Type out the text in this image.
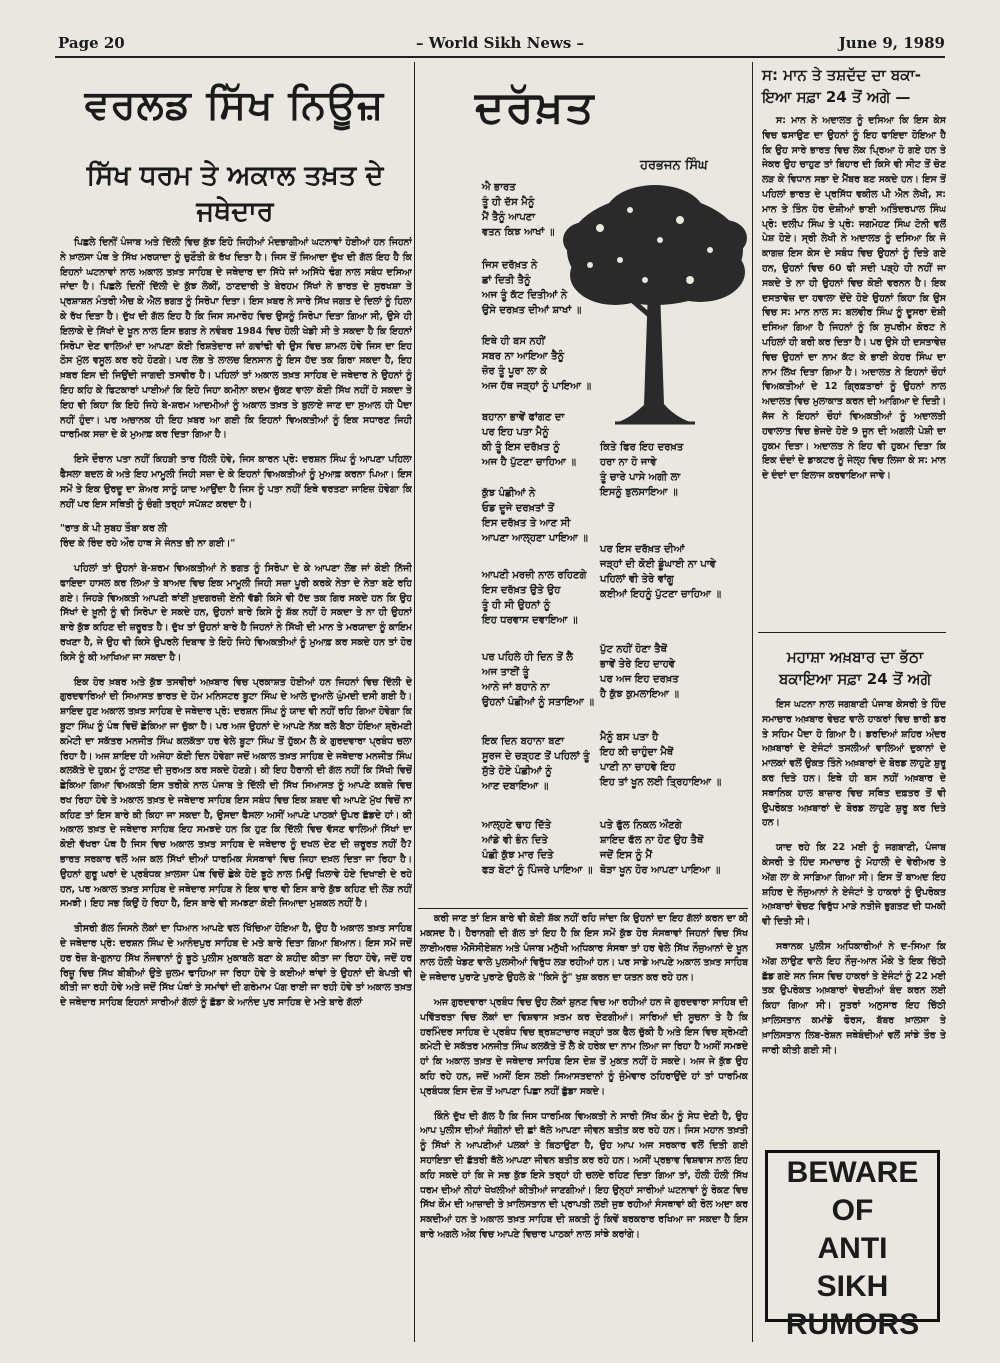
Page 20	– World Sikh News –	June 9, 1989
ਵਰਲਡ ਸਿੱਖ ਨਿਊਜ਼
ਸਿੱਖ ਧਰਮ ਤੇ ਅਕਾਲ ਤਖ਼ਤ ਦੇ
ਜਥੇਦਾਰ

ਪਿਛਲੇ ਦਿਨੀਂ ਪੰਜਾਬ ਅਤੇ ਦਿੱਲੀ ਵਿਚ ਕੁੱਝ ਇਹੋ ਜਿਹੀਆਂ ਮੰਦਭਾਗੀਆਂ ਘਟਨਾਵਾਂ ਹੋਈਆਂ ਹਨ ਜਿਹਨਾਂ ਨੇ ਖ਼ਾਲਸਾ ਪੰਥ ਤੇ ਸਿੱਖ ਮਰਯਾਦਾ ਨੂੰ ਚੁਣੌਤੀ ਕੇ ਰੱਖ ਦਿਤਾ ਹੈ। ਜਿਸ ਤੋਂ ਜਿਆਦਾ ਦੁੱਖ ਦੀ ਗੱਲ ਇਹ ਹੈ ਕਿ ਇਹਨਾਂ ਘਟਨਾਵਾਂ ਨਾਲ ਅਕਾਲ ਤਖ਼ਤ ਸਾਹਿਬ ਦੇ ਜਥੇਦਾਰ ਦਾ ਸਿੱਧੇ ਜਾਂ ਅਸਿੱਧੇ ਢੰਗ ਨਾਲ ਸਬੰਧ ਦਸਿਆ ਜਾਂਦਾ ਹੈ। ਪਿਛਲੇ ਦਿਨੀਂ ਦਿੱਲੀ ਦੇ ਕੁੱਝ ਲੋਕੀਂ, ਠਾਣਦਾਰੀ ਤੇ ਬੇਰਹਮ ਸਿੱਖਾਂ ਨੇ ਭਾਰਤ ਦੇ ਸੁਰਖਸ਼ਾ ਤੇ ਪ੍ਰਸ਼ਾਸ਼ਨ ਮੰਤਰੀ ਐਚ ਕੇ ਐਲ ਭਗਤ ਨੂੰ ਸਿਰੋਪਾ ਦਿਤਾ। ਇਸ ਖ਼ਬਰ ਨੇ ਸਾਰੇ ਸਿੱਖ ਜਗਤ ਦੇ ਦਿਲਾਂ ਨੂੰ ਹਿਲਾ ਕੇ ਰੱਖ ਦਿਤਾ ਹੈ। ਦੁੱਖ ਦੀ ਗੱਲ ਇਹ ਹੈ ਕਿ ਜਿਸ ਸਮਾਰੋਹ ਵਿਚ ਉਸਨੂੰ ਸਿਰੋਪਾ ਦਿਤਾ ਗਿਆ ਸੀ, ਉਸੇ ਹੀ ਇਲਾਕੇ ਦੇ ਸਿੱਖਾਂ ਦੇ ਖੂਨ ਨਾਲ ਇਸ ਭਗਤ ਨੇ ਨਵੰਬਰ 1984 ਵਿਚ ਹੋਲੀ ਖੇਡੀ ਸੀ ਤੇ ਸਕਦਾ ਹੈ ਕਿ ਇਹਨਾਂ ਸਿਰੋਪਾ ਦੇਣ ਵਾਲਿਆਂ ਦਾ ਆਪਣਾ ਕੋਈ ਰਿਸ਼ਤੇਦਾਰ ਜਾਂ ਗਵਾਂਢੀ ਵੀ ਉਸ ਵਿਚ ਸ਼ਾਮਲ ਹੋਵੇ ਜਿਸ ਦਾ ਇਹ ਠੋਸ ਮੁੱਲ ਵਸੂਲ ਕਰ ਰਹੇ ਹੋਣਗੇ। ਪਰ ਲੋਭ ਤੇ ਲਾਲਚ ਇਨਸਾਨ ਨੂੰ ਇਸ ਹੱਦ ਤਕ ਗਿਰਾ ਸਕਦਾ ਹੈ, ਇਹ ਖ਼ਬਰ ਇਸ ਦੀ ਜਿਉਂਦੀ ਜਾਗਦੀ ਤਸਵੀਰ ਹੈ। ਪਹਿਲਾਂ ਤਾਂ ਅਕਾਲ ਤਖ਼ਤ ਸਾਹਿਬ ਦੇ ਜਥੇਦਾਰ ਨੇ ਉਹਨਾਂ ਨੂੰ ਇਹ ਕਹਿ ਕੇ ਫਿਟਕਾਰਾਂ ਪਾਈਆਂ ਕਿ ਇਹੋ ਜਿਹਾ ਕਮੀਨਾ ਕਦਮ ਚੁੱਕਣ ਵਾਲਾ ਕੋਈ ਸਿੱਖ ਨਹੀਂ ਹੋ ਸਕਦਾ ਤੇ ਇਹ ਵੀ ਕਿਹਾ ਕਿ ਇਹੋ ਜਿਹੇ ਬੇ-ਸ਼ਰਮ ਆਦਮੀਆਂ ਨੂੰ ਅਕਾਲ ਤਖ਼ਤ ਤੇ ਬੁਲਾਏ ਜਾਣ ਦਾ ਸੁਆਲ ਹੀ ਪੈਦਾ ਨਹੀਂ ਹੁੰਦਾ। ਪਰ ਅਚਾਨਕ ਹੀ ਇਹ ਖ਼ਬਰ ਆ ਗਈ ਕਿ ਇਹਨਾਂ ਵਿਅਕਤੀਆਂ ਨੂੰ ਇਕ ਸਧਾਰਣ ਜਿਹੀ ਧਾਰਮਿਕ ਸਜ਼ਾ ਦੇ ਕੇ ਮੁਆਫ਼ ਕਰ ਦਿਤਾ ਗਿਆ ਹੈ।

ਇਸੇ ਦੌਰਾਨ ਪਤਾ ਨਹੀਂ ਕਿਹੜੀ ਤਾਰ ਹਿੱਲੀ ਹੋਵੇ, ਜਿਸ ਕਾਰਨ ਪ੍ਰੋ: ਦਰਸ਼ਨ ਸਿੰਘ ਨੂੰ ਆਪਣਾ ਪਹਿਲਾ ਫੈਸਲਾ ਬਦਲ ਕੇ ਅਤੇ ਇਹ ਮਾਮੂਲੀ ਜਿਹੀ ਸਜ਼ਾ ਦੇ ਕੇ ਇਹਨਾਂ ਵਿਅਕਤੀਆਂ ਨੂੰ ਮੁਆਫ਼ ਕਰਨਾ ਪਿਆ। ਇਸ ਸਮੇਂ ਤੇ ਇਕ ਉਰਦੂ ਦਾ ਸ਼ੇਅਰ ਸਾਨੂੰ ਯਾਦ ਆਉਂਦਾ ਹੈ ਜਿਸ ਨੂੰ ਪਤਾ ਨਹੀਂ ਇਥੇ ਵਰਤਣਾ ਜਾਇਜ਼ ਹੋਵੇਗਾ ਕਿ ਨਹੀਂ ਪਰ ਇਸ ਸਥਿਤੀ ਨੂੰ ਚੰਗੀ ਤਰ੍ਹਾਂ ਸਪੱਸ਼ਟ ਕਰਦਾ ਹੈ।

"ਰਾਤ ਕੋ ਪੀ ਸੁਬਹ ਤੌਬਾ ਕਰ ਲੀ

ਰਿੰਦ ਕੇ ਰਿੰਦ ਰਹੇ ਔਰ ਹਾਥ ਸੇ ਜੰਨਤ ਭੀ ਨਾ ਗਈ।"

ਪਹਿਲਾਂ ਤਾਂ ਉਹਨਾਂ ਬੇ-ਸ਼ਰਮ ਵਿਅਕਤੀਆਂ ਨੇ ਭਗਤ ਨੂੰ ਸਿਰੋਪਾ ਦੇ ਕੇ ਆਪਣਾ ਲੋਭ ਜਾਂ ਕੋਈ ਨਿੱਜੀ ਫਾਇਦਾ ਹਾਸਲ ਕਰ ਲਿਆ ਤੇ ਬਾਅਦ ਵਿਚ ਇਕ ਮਾਮੂਲੀ ਜਿਹੀ ਸਜ਼ਾ ਪੂਰੀ ਕਰਕੇ ਨੇਤਾ ਦੇ ਨੇਤਾ ਬਣੇ ਰਹਿ ਗਏ। ਜਿਹੜੇ ਵਿਅਕਤੀ ਆਪਣੀ ਥਾਂਈਂ ਖ਼ੁਦਗਰਜ਼ੀ ਏਨੀ ਵੱਡੀ ਕਿਸੇ ਵੀ ਹੱਦ ਤਕ ਗਿਰ ਸਕਦੇ ਹਨ ਕਿ ਉਹ ਸਿੱਖਾਂ ਦੇ ਖ਼ੂਨੀ ਨੂੰ ਵੀ ਸਿਰੋਪਾ ਦੇ ਸਕਦੇ ਹਨ, ਉਹਨਾਂ ਬਾਰੇ ਕਿਸੇ ਨੂੰ ਸ਼ੱਕ ਨਹੀਂ ਹੋ ਸਕਦਾ ਤੇ ਨਾ ਹੀ ਉਹਨਾਂ ਬਾਰੇ ਕੁੱਝ ਕਹਿਣ ਦੀ ਜ਼ਰੂਰਤ ਹੈ। ਦੁੱਖ ਤਾਂ ਉਹਨਾਂ ਬਾਰੇ ਹੈ ਜਿਹਨਾਂ ਨੇ ਸਿੱਖੀ ਦੀ ਮਾਨ ਤੇ ਮਰਯਾਦਾ ਨੂੰ ਕਾਇਮ ਰਖਣਾ ਹੈ, ਜੇ ਉਹ ਵੀ ਕਿਸੇ ਉਪਰਲੇ ਦਿਬਾਵ ਤੇ ਇਹੋ ਜਿਹੇ ਵਿਅਕਤੀਆਂ ਨੂੰ ਮੁਆਫ਼ ਕਰ ਸਕਦੇ ਹਨ ਤਾਂ ਹੋਰ ਕਿਸੇ ਨੂੰ ਕੀ ਆਖਿਆ ਜਾ ਸਕਦਾ ਹੈ।

ਇਕ ਹੋਰ ਖ਼ਬਰ ਅਤੇ ਕੁੱਝ ਤਸਵੀਰਾਂ ਅਖ਼ਬਾਰ ਵਿਚ ਪ੍ਰਕਾਸ਼ਤ ਹੋਈਆਂ ਹਨ ਜਿਹਨਾਂ ਵਿਚ ਦਿੱਲੀ ਦੇ ਗੁਰਦਵਾਰਿਆਂ ਦੀ ਸਿਆਸਤ ਭਾਰਤ ਦੇ ਹੋਮ ਮਨਿਸਟਰ ਬੂਟਾ ਸਿੰਘ ਦੇ ਆਲੇ ਦੁਆਲੇ ਘੁੰਮਦੀ ਦਸੀ ਗਈ ਹੈ। ਸ਼ਾਇਦ ਹੁਣ ਅਕਾਲ ਤਖ਼ਤ ਸਾਹਿਬ ਦੇ ਜਥੇਦਾਰ ਪ੍ਰੋ: ਦਰਸ਼ਨ ਸਿੰਘ ਨੂੰ ਯਾਦ ਵੀ ਨਹੀਂ ਰਹਿ ਗਿਆ ਹੋਵੇਗਾ ਕਿ ਬੂਟਾ ਸਿੰਘ ਨੂੰ ਪੰਥ ਵਿਚੋਂ ਛੇਕਿਆ ਜਾ ਚੁੱਕਾ ਹੈ। ਪਰ ਅਜ ਉਹਨਾਂ ਦੇ ਆਪਣੇ ਨੱਕ ਥਲੇ ਬੈਠਾ ਹੋਇਆ ਸ਼੍ਰੋਮਣੀ ਕਮੇਟੀ ਦਾ ਸਕੱਤਰ ਮਨਜੀਤ ਸਿੰਘ ਕਲਕੱਤਾ ਹਰ ਵੇਲੇ ਬੂਟਾ ਸਿੰਘ ਤੋਂ ਹੁੱਕਮ ਲੈ ਕੇ ਗੁਰਦਵਾਰਾ ਪ੍ਰਬੰਧ ਚਲਾ ਰਿਹਾ ਹੈ। ਅਜ ਸ਼ਾਇਦ ਹੀ ਅਜੇਹਾ ਕੋਈ ਦਿਨ ਹੋਵੇਗਾ ਜਦੋਂ ਅਕਾਲ ਤਖ਼ਤ ਸਾਹਿਬ ਦੇ ਜਥੇਦਾਰ ਮਨਜੀਤ ਸਿੰਘ ਕਲਕੱਤੇ ਦੇ ਹੁਕਮ ਨੂੰ ਟਾਲਣ ਦੀ ਜੁਰਅਤ ਕਰ ਸਕਦੇ ਹੋਣਗੇ। ਕੀ ਇਹ ਹੈਰਾਨੀ ਦੀ ਗੱਲ ਨਹੀਂ ਕਿ ਸਿੱਖੀ ਵਿਚੋਂ ਛੇਕਿਆ ਗਿਆ ਵਿਅਕਤੀ ਇਸ ਤਰੀਕੇ ਨਾਲ ਪੰਜਾਬ ਤੇ ਦਿੱਲੀ ਦੀ ਸਿੱਖ ਸਿਆਸਤ ਨੂੰ ਆਪਣੇ ਕਬਜ਼ੇ ਵਿਚ ਰਖ ਰਿਹਾ ਹੋਵੇ ਤੇ ਅਕਾਲ ਤਖ਼ਤ ਦੇ ਜਥੇਦਾਰ ਸਾਹਿਬ ਇਸ ਸਬੰਧ ਵਿਚ ਇਕ ਸ਼ਬਦ ਵੀ ਆਪਣੇ ਮੁੱਖ ਵਿਚੋਂ ਨਾ ਕਹਿਣ ਤਾਂ ਇਸ ਬਾਰੇ ਕੀ ਕਿਹਾ ਜਾ ਸਕਦਾ ਹੈ, ਉਸਦਾ ਫੈਸਲਾ ਅਸੀਂ ਆਪਣੇ ਪਾਠਕਾਂ ਉਪਰ ਛੱਡਦੇ ਹਾਂ। ਕੀ ਅਕਾਲ ਤਖ਼ਤ ਦੇ ਜਥੇਦਾਰ ਸਾਹਿਬ ਇਹ ਸਮਝਦੇ ਹਨ ਕਿ ਹੁਣ ਕਿ ਦਿੱਲੀ ਵਿਚ ਵੱਸਣ ਵਾਲਿਆਂ ਸਿੱਖਾਂ ਦਾ ਕੋਈ ਵੱਖਰਾ ਪੰਥ ਹੈ ਜਿਸ ਵਿਚ ਅਕਾਲ ਤਖ਼ਤ ਸਾਹਿਬ ਦੇ ਜਥੇਦਾਰ ਨੂੰ ਦਖਲ ਦੇਣ ਦੀ ਜ਼ਰੂਰਤ ਨਹੀਂ ਹੈ? ਭਾਰਤ ਸਰਕਾਰ ਵਲੋਂ ਅਜ ਕਲ ਸਿੱਖਾਂ ਦੀਆਂ ਧਾਰਮਿਕ ਸੰਸਥਾਵਾਂ ਵਿਚ ਜਿਹਾ ਦਖ਼ਲ ਦਿਤਾ ਜਾ ਰਿਹਾ ਹੈ। ਉਹਨਾਂ ਗੁਰੂ ਘਰਾਂ ਦੇ ਪ੍ਰਬੰਧਕ ਖ਼ਾਲਸਾ ਪੰਥ ਵਿਚੋਂ ਛੇਕੇ ਹੋਏ ਝੂਠੇ ਨਾਲ ਮਿਉਂ ਖਿਲਾਵੇ ਹੋਏ ਦਿਖਾਈ ਦੇ ਰਹੇ ਹਨ, ਪਰ ਅਕਾਲ ਤਖ਼ਤ ਸਾਹਿਬ ਦੇ ਜਥੇਦਾਰ ਸਾਹਿਬ ਨੇ ਇਕ ਵਾਰ ਵੀ ਇਸ ਬਾਰੇ ਕੁੱਝ ਕਹਿਣ ਦੀ ਲੋੜ ਨਹੀਂ ਸਮਝੀ। ਇਹ ਸਭ ਕਿਉਂ ਹੋ ਰਿਹਾ ਹੈ, ਇਸ ਬਾਰੇ ਵੀ ਸਮਝਣਾ ਕੋਈ ਜਿਆਦਾ ਮੁਸ਼ਕਲ ਨਹੀਂ ਹੈ।

ਤੀਸਰੀ ਗੱਲ ਜਿਸਨੇ ਲੋਕਾਂ ਦਾ ਧਿਆਨ ਆਪਣੇ ਵਲ ਖਿੱਚਿਆ ਹੋਇਆ ਹੈ, ਉਹ ਹੈ ਅਕਾਲ ਤਖ਼ਤ ਸਾਹਿਬ ਦੇ ਜਥੇਦਾਰ ਪ੍ਰੋ: ਦਰਸ਼ਨ ਸਿੰਘ ਦੇ ਆਨੰਦਪੁਰ ਸਾਹਿਬ ਦੇ ਮਤੇ ਬਾਰੇ ਦਿਤਾ ਗਿਆ ਬਿਆਨ। ਇਸ ਸਮੇਂ ਜਦੋਂ ਹਰ ਰੋਜ਼ ਬੇ-ਗੁਨਾਹ ਸਿੱਖ ਨੌਜਵਾਨਾਂ ਨੂੰ ਝੂਠੇ ਪੁਲੀਸ ਮੁਕਾਬਲੇ ਬਣਾ ਕੇ ਸ਼ਹੀਦ ਕੀਤਾ ਜਾ ਰਿਹਾ ਹੋਵੇ, ਜਦੋਂ ਹਰ ਰਿਜ਼ੂ ਵਿਚ ਸਿੱਖ ਬੀਬੀਆਂ ਉਤੇ ਜ਼ੁਲਮ ਢਾਹਿਆ ਜਾ ਰਿਹਾ ਹੋਵੇ ਤੇ ਕਈਆਂ ਥਾਂਵਾਂ ਤੇ ਉਹਨਾਂ ਦੀ ਬੇਪਤੀ ਵੀ ਕੀਤੀ ਜਾ ਰਹੀ ਹੋਵੇ ਅਤੇ ਜਦੋਂ ਸਿੱਖ ਪੰਥਾਂ ਤੇ ਸਮਾਂਵਾਂ ਦੀ ਗਰੇਮਾਮ ਪੱਗ ਰਾਈ ਜਾ ਰਹੀ ਹੋਵੇ ਤਾਂ ਅਕਾਲ ਤਖ਼ਤ ਦੇ ਜਥੇਦਾਰ ਸਾਹਿਬ ਇਹਨਾਂ ਸਾਰੀਆਂ ਗੱਲਾਂ ਨੂੰ ਛੱਡਾ ਕੇ ਆਨੰਦ ਪੁਰ ਸਾਹਿਬ ਦੇ ਮਤੇ ਬਾਰੇ ਗੱਲਾਂ

ਦਰੱਖ਼ਤ
ਹਰਭਜਨ ਸਿੰਘ
ਐ ਭਾਰਤ
ਤੂੰ ਹੀ ਦੱਸ ਮੈਨੂੰ
ਮੈਂ ਤੈਨੂੰ ਆਪਣਾ
ਵਤਨ ਕਿਝ ਆਖਾਂ ॥
ਜਿਸ ਦਰੱਖ਼ਤ ਨੇ
ਛਾਂ ਦਿਤੀ ਤੈਨੂੰ
ਅਜ ਤੂੰ ਕੱਟ ਦਿਤੀਆਂ ਨੇ
ਉਸੇ ਦਰਖ਼ਤ ਦੀਆਂ ਸ਼ਾਖਾਂ ॥
ਇਥੇ ਹੀ ਬਸ ਨਹੀਂ
ਸਬਰ ਨਾ ਆਇਆ ਤੈਨੂੰ
ਜ਼ੋਰ ਤੂੰ ਪੂਰਾ ਲਾ ਕੇ
ਅਜ ਹੱਥ ਜੜ੍ਹਾਂ ਨੂੰ ਪਾਇਆ ॥
ਬਹਾਨਾ ਭਾਵੇਂ ਫਾਂਗਣ ਦਾ
ਪਰ ਇਹ ਪਤਾ ਮੈਨੂੰ
ਕੀ ਤੂੰ ਇਸ ਦਰੱਖ਼ਤ ਨੂੰ
ਅਜ ਹੈ ਪੁੱਟਣਾ ਚਾਹਿਆ ॥
ਕੁੱਝ ਪੰਛੀਆਂ ਨੇ
ਓਡ ਦੂਜੇ ਦਰਖ਼ਤਾਂ ਤੋਂ
ਇਸ ਦਰੱਖ਼ਤ ਤੇ ਆਣ ਸੀ
ਆਪਣਾ ਆਲ੍ਹਣਾ ਪਾਇਆ ॥
ਆਪਣੀ ਮਰਜ਼ੀ ਨਾਲ ਰਹਿਣਗੇ
ਇਸ ਦਰੱਖ਼ਤ ਉਤੇ ਉਹ
ਤੂੰ ਹੀ ਸੀ ਉਹਨਾਂ ਨੂੰ
ਇਹ ਧਰਵਾਸ ਦਵਾਇਆ ॥
ਪਰ ਪਹਿਲੇ ਹੀ ਦਿਨ ਤੋਂ ਲੈ
ਅਜ ਤਾਈਂ ਤੂੰ
ਆਨੇ ਜਾਂ ਬਹਾਨੇ ਨਾ
ਉਹਨਾਂ ਪੰਛੀਆਂ ਨੂੰ ਸਤਾਇਆ ॥
ਇਕ ਦਿਨ ਬਹਾਨਾ ਬਣਾ
ਸੂਰਜ ਦੇ ਚੜ੍ਹਣ ਤੋਂ ਪਹਿਲਾਂ ਤੂੰ
ਸੁੱਤੇ ਹੋਏ ਪੰਛੀਆਂ ਨੂੰ
ਆਣ ਦਬਾਇਆ ॥
ਆਲ੍ਹਣੇ ਢਾਹ ਦਿੱਤੇ
ਆਂਡੇ ਵੀ ਭੰਨ ਦਿਤੇ
ਪੰਛੀ ਕੁੱਝ ਮਾਰ ਦਿਤੇ
ਫੜ ਬੋਟਾਂ ਨੂੰ ਪਿੰਜਰੇ ਪਾਇਆ ॥
ਕਿਤੇ ਫਿਰ ਇਹ ਦਰਖ਼ਤ
ਹਰਾ ਨਾ ਹੋ ਜਾਵੇ
ਤੂੰ ਚਾਰੇ ਪਾਸੇ ਅਗੀ ਲਾ
ਇਸਨੂੰ ਝੁਲਸਾਇਆ ॥
ਪਰ ਇਸ ਦਰੱਖ਼ਤ ਦੀਆਂ
ਜੜ੍ਹਾਂ ਦੀ ਕੋਈ ਡੂੰਘਾਈ ਨਾ ਪਾਵੇ
ਪਹਿਲਾਂ ਵੀ ਤੇਰੇ ਵਾਂਗੂ
ਕਈਆਂ ਇਹਨੂੰ ਪੁੱਟਣਾ ਚਾਹਿਆ ॥
ਪੁੱਟ ਨਹੀਂ ਹੋਣਾ ਤੈਥੋਂ
ਭਾਵੇਂ ਤੇਰੇ ਇਹ ਦਾਹਵੇ
ਪਰ ਅਜ ਇਹ ਦਰਖ਼ਤ
ਹੈ ਕੁੱਝ ਕੁਮਲਾਇਆ ॥
ਮੈਨੂੰ ਬਸ ਪਤਾ ਹੈ
ਇਹ ਕੀ ਚਾਹੁੰਦਾ ਮੈਥੋਂ
ਪਾਣੀ ਨਾ ਚਾਹਵੇ ਇਹ
ਇਹ ਤਾਂ ਖੂਨ ਲਈ ਤ੍ਰਿਹਾਇਆ ॥
ਪਤੇ ਫੁੱਲ ਨਿਕਲ ਔਣਗੇ
ਸ਼ਾਇਦ ਫੱਲ ਨਾ ਹੋਣ ਉਹ ਤੈਥੋਂ
ਜਦੋਂ ਇਸ ਨੂੰ ਮੈਂ
ਥੋੜਾ ਖੂਨ ਹੋਰ ਆਪਣਾ ਪਾਇਆ ॥

ਕਰੀ ਜਾਣ ਤਾਂ ਇਸ ਬਾਰੇ ਵੀ ਕੋਈ ਸ਼ੱਕ ਨਹੀਂ ਰਹਿ ਜਾਂਦਾ ਕਿ ਉਹਨਾਂ ਦਾ ਇਹ ਗੱਲਾਂ ਕਰਨ ਦਾ ਕੀ ਮਕਸਦ ਹੈ। ਹੈਰਾਨਗੀ ਦੀ ਗੱਲ ਤਾਂ ਇਹ ਹੈ ਕਿ ਇਸ ਸਮੇਂ ਕੁੱਝ ਹੋਰ ਸੰਸਥਾਵਾਂ ਜਿਹਨਾਂ ਵਿਚ ਸਿੱਖ ਲਾਈਅਰਜ਼ ਐਸੋਸੀਏਸ਼ਨ ਅਤੇ ਪੰਜਾਬ ਮਨੁੱਖੀ ਅਧਿਕਾਰ ਸੰਸਥਾ ਤਾਂ ਹਰ ਵੇਲੇ ਸਿੱਖ ਨੌਜੁਆਨਾਂ ਦੇ ਖੂਨ ਨਾਲ ਹੋਲੀ ਖੇਡਣ ਵਾਲੇ ਪੁਲਸੀਆਂ ਵਿਰੁੱਧ ਲੜ ਰਹੀਆਂ ਹਨ। ਪਰ ਸਾਡੇ ਆਪਣੇ ਅਕਾਲ ਤਖ਼ਤ ਸਾਹਿਬ ਦੇ ਜਥੇਦਾਰ ਪੁਰਾਣੇ ਪੁਰਾਣੇ ਉਹਲੇ ਕੇ "ਕਿਸੇ ਨੂੰ" ਖੁਸ਼ ਕਰਨ ਦਾ ਯਤਨ ਕਰ ਰਹੇ ਹਨ।

ਅਜ ਗੁਰਦਵਾਰਾ ਪ੍ਰਬੰਧ ਵਿਚ ਉਹ ਲੋਕਾਂ ਸ਼ੁਨਣ ਵਿਚ ਆ ਰਹੀਆਂ ਹਨ ਜੋ ਗੁਰਦਵਾਰਾ ਸਾਹਿਬ ਦੀ ਪਵਿੱਤਰਤਾ ਵਿਚ ਲੋਕਾਂ ਦਾ ਵਿਸ਼ਵਾਸ ਖ਼ਤਮ ਕਰ ਦੇਣਗੀਆਂ। ਸਾਰਿਆਂ ਦੀ ਸੂਚਨਾ ਤੇ ਹੈ ਕਿ ਹਰਮਿੰਦਰ ਸਾਹਿਬ ਦੇ ਪ੍ਰਬੰਧ ਵਿਚ ਭ੍ਰਸ਼ਟਾਚਾਰ ਜੜ੍ਹਾਂ ਤਕ ਫੈਲ ਚੁੱਕੀ ਹੈ ਅਤੇ ਇਸ ਵਿਚ ਸ਼੍ਰੋਮਣੀ ਕਮੇਟੀ ਦੇ ਸਕੱਤਰ ਮਨਜੀਤ ਸਿੰਘ ਕਲਕੱਤੇ ਤੋਂ ਲੈ ਕੇ ਹਰੇਕ ਦਾ ਨਾਮ ਲਿਆ ਜਾ ਰਿਹਾ ਹੈ ਅਸੀਂ ਸਮਝਦੇ ਹਾਂ ਕਿ ਅਕਾਲ ਤਖ਼ਤ ਦੇ ਜਥੇਦਾਰ ਸਾਹਿਬ ਇਸ ਦੋਸ਼ ਤੋਂ ਮੁਕਤ ਨਹੀਂ ਹੋ ਸਕਦੇ। ਅਜ ਜੇ ਕੁੱਝ ਉਹ ਕਹਿ ਰਹੇ ਹਨ, ਜਦੋਂ ਅਸੀਂ ਇਸ ਲਈ ਸਿਆਸਤਦਾਨਾਂ ਨੂੰ ਜੁੰਮੇਵਾਰ ਠਹਿਰਾਉਂਦੇ ਹਾਂ ਤਾਂ ਧਾਰਮਿਕ ਪ੍ਰਬੰਧਕ ਇਸ ਦੋਸ਼ ਤੋਂ ਆਪਣਾ ਪਿਛਾ ਨਹੀਂ ਛੁੱਡਾ ਸਕਦੇ।

ਕਿੰਨੇ ਦੁੱਖ ਦੀ ਗੱਲ ਹੈ ਕਿ ਜਿਸ ਧਾਰਮਿਕ ਵਿਅਕਤੀ ਨੇ ਸਾਰੀ ਸਿੱਖ ਕੌਮ ਨੂੰ ਸੇਧ ਦੇਣੀ ਹੈ, ਉਹ ਆਪ ਪੁਲੀਸ ਦੀਆਂ ਸੰਗੀਨਾਂ ਦੀ ਛਾਂ ਥੱਲੇ ਆਪਣਾ ਜੀਵਨ ਬਤੀਤ ਕਰ ਰਹੇ ਹਨ। ਜਿਸ ਮਹਾਨ ਤਖ਼ਤੀ ਨੂੰ ਸਿੱਖਾਂ ਨੇ ਆਪਣੀਆਂ ਪਲਕਾਂ ਤੇ ਬਿਠਾਉਣਾ ਹੈ, ਉਹ ਆਪ ਅਜ ਸਰਕਾਰ ਵਲੋਂ ਦਿਤੀ ਗਈ ਸਹਾਇਤਾ ਦੀ ਛੱਤਰੀ ਥੱਲੇ ਆਪਣਾ ਜੀਵਨ ਬਤੀਤ ਕਰ ਰਹੇ ਹਨ। ਅਸੀਂ ਪ੍ਰਭਾਵ ਵਿਸ਼ਵਾਸ ਨਾਲ ਇਹ ਕਹਿ ਸਕਦੇ ਹਾਂ ਕਿ ਜੇ ਸਭ ਕੁੱਝ ਇਸੇ ਤਰ੍ਹਾਂ ਹੀ ਚਲਦੇ ਰਹਿਣ ਦਿਤਾ ਗਿਆ ਤਾਂ, ਹੌਲੀ ਹੌਲੀ ਸਿੱਖ ਧਰਮ ਦੀਆਂ ਨੀਹਾਂ ਖੋਖਲੀਆਂ ਕੀਤੀਆਂ ਜਾਣਗੀਆਂ। ਇਹ ਉਨ੍ਹਾਂ ਸਾਰੀਆਂ ਘਟਨਾਵਾਂ ਨੂੰ ਰੋਕਣ ਵਿਚ ਸਿੱਖ ਕੌਮ ਦੀ ਆਜ਼ਾਦੀ ਤੇ ਖ਼ਾਲਿਸਤਾਨ ਦੀ ਪ੍ਰਾਪਤੀ ਲਈ ਜੁਝ ਰਹੀਆਂ ਸੰਸਥਾਵਾਂ ਕੀ ਰੋਲ ਅਦਾ ਕਰ ਸਕਦੀਆਂ ਹਨ ਤੇ ਅਕਾਲ ਤਖ਼ਤ ਸਾਹਿਬ ਦੀ ਸ਼ਕਤੀ ਨੂੰ ਕਿਵੇਂ ਬਰਕਰਾਰ ਰਖਿਆ ਜਾ ਸਕਦਾ ਹੈ ਇਸ ਬਾਰੇ ਅਗਲੇ ਅੰਕ ਵਿਚ ਆਪਣੇ ਵਿਚਾਰ ਪਾਠਕਾਂ ਨਾਲ ਸਾਂਝੇ ਕਰਾਂਗੇ।

ਸ: ਮਾਨ ਤੇ ਤਸ਼ਦੱਦ ਦਾ ਬਕਾ-
ਇਆ ਸਫ਼ਾ 24 ਤੋਂ ਅਗੇ —

ਸ: ਮਾਨ ਨੇ ਅਦਾਲਤ ਨੂੰ ਦਸਿਆ ਕਿ ਇਸ ਕੇਸ ਵਿਚ ਫਸਾਉਣ ਦਾ ਉਹਨਾਂ ਨੂੰ ਇਹ ਫਾਇਦਾ ਹੋਇਆ ਹੈ ਕਿ ਉਹ ਸਾਰੇ ਭਾਰਤ ਵਿਚ ਲੋਕ ਪ੍ਰਿਆ ਹੋ ਗਏ ਹਨ ਤੇ ਜੇਕਰ ਉਹ ਚਾਹੁਣ ਤਾਂ ਬਿਹਾਰ ਦੀ ਕਿਸੇ ਵੀ ਸੀਟ ਤੋਂ ਚੋਣ ਲੜ ਕੇ ਵਿਧਾਨ ਸਭਾ ਦੇ ਮੈਂਬਰ ਬਣ ਸਕਦੇ ਹਨ। ਇਸ ਤੋਂ ਪਹਿਲਾਂ ਭਾਰਤ ਦੇ ਪ੍ਰਸਿੱਧ ਵਕੀਲ ਪੀ ਐਨ ਲੇਖੀ, ਸ: ਮਾਨ ਤੇ ਤਿੰਨ ਹੋਰ ਦੋਸ਼ੀਆਂ ਭਾਈ ਅਤਿੰਦਰਪਾਲ ਸਿੰਘ ਪ੍ਰੋ: ਦਲੀਪ ਸਿੰਘ ਤੇ ਪ੍ਰੋ: ਜਗਮੋਹਣ ਸਿੰਘ ਟੋਨੀ ਵਲੋਂ ਪੇਸ਼ ਹੋਏ। ਸ੍ਰੀ ਲੇਖੀ ਨੇ ਅਦਾਲਤ ਨੂੰ ਦਸਿਆ ਕਿ ਜੋ ਕਾਗਜ਼ ਇਸ ਕੇਸ ਦੇ ਸਬੰਧ ਵਿਚ ਉਹਨਾਂ ਨੂੰ ਦਿਤੇ ਗਏ ਹਨ, ਉਹਨਾਂ ਵਿਚ 60 ਫੀ ਸਦੀ ਪੜ੍ਹੇ ਹੀ ਨਹੀਂ ਜਾ ਸਕਦੇ ਤੇ ਨਾ ਹੀ ਉਹਨਾਂ ਵਿਚ ਕੋਈ ਵਰਨਨ ਹੈ। ਇਕ ਦਸਤਾਵੇਜ਼ ਦਾ ਹਵਾਲਾ ਦੇਂਦੇ ਹੋਏ ਉਹਨਾਂ ਕਿਹਾ ਕਿ ਉਸ ਵਿਚ ਸ: ਮਾਨ ਨਾਲ ਸ: ਬਲਵੀਰ ਸਿੰਘ ਨੂੰ ਦੂਸਰਾ ਦੋਸ਼ੀ ਦਸਿਆ ਗਿਆ ਹੈ ਜਿਹਨਾਂ ਨੂੰ ਕਿ ਸੁਪਰੀਮ ਕੋਰਟ ਨੇ ਪਹਿਲਾਂ ਹੀ ਬਰੀ ਕਰ ਦਿਤਾ ਹੈ। ਪਰ ਉਸੇ ਹੀ ਦਸਤਾਵੇਜ਼ ਵਿਚ ਉਹਨਾਂ ਦਾ ਨਾਮ ਕੱਟ ਕੇ ਭਾਈ ਕੇਹਰ ਸਿੰਘ ਦਾ ਨਾਮ ਲਿੱਖ ਦਿਤਾ ਗਿਆ ਹੈ। ਅਦਾਲਤ ਨੇ ਇਹਨਾਂ ਚੌਹਾਂ ਵਿਅਕਤੀਆਂ ਦੇ 12 ਗ੍ਰਿਫ਼ਤਾਰਾਂ ਨੂੰ ਉਹਨਾਂ ਨਾਲ ਅਦਾਲਤ ਵਿਚ ਮੁਲਾਕਾਤ ਕਰਨ ਦੀ ਆਗਿਆ ਦੇ ਦਿਤੀ। ਜੱਜ ਨੇ ਇਹਨਾਂ ਚੌਹਾਂ ਵਿਅਕਤੀਆਂ ਨੂੰ ਅਦਾਲਤੀ ਹਵਾਲਾਤ ਵਿਚ ਭੇਜਦੇ ਹੋਏ 9 ਜੂਨ ਦੀ ਅਗਲੀ ਪੇਸ਼ੀ ਦਾ ਹੁਕਮ ਦਿਤਾ। ਅਦਾਲਤ ਨੇ ਇਹ ਵੀ ਹੁਕਮ ਦਿਤਾ ਕਿ ਇਕ ਦੰਦਾਂ ਦੇ ਡਾਕਟਰ ਨੂੰ ਜੇਲ੍ਹ ਵਿਚ ਲਿਜਾ ਕੇ ਸ: ਮਾਨ ਦੇ ਦੰਦਾਂ ਦਾ ਇਲਾਜ ਕਰਵਾਇਆ ਜਾਵੇ।

ਮਹਾਸ਼ਾ ਅਖ਼ਬਾਰ ਦਾ ਭੱਠਾ
ਬਕਾਇਆ ਸਫ਼ਾ 24 ਤੋਂ ਅਗੇ

ਇਸ ਘਟਨਾ ਨਾਲ ਜਗਬਾਣੀ ਪੰਜਾਬ ਕੇਸਰੀ ਤੇ ਹਿੰਦ ਸਮਾਚਾਰ ਅਖ਼ਬਾਰ ਵੇਚਣ ਵਾਲੇ ਹਾਕਰਾਂ ਵਿਚ ਭਾਰੀ ਡਰ ਤੇ ਸਹਿਮ ਪੈਦਾ ਹੋ ਗਿਆ ਹੈ। ਡਰਦਿਆਂ ਸ਼ਹਿਰ ਅੰਦਰ ਅਖ਼ਬਾਰਾਂ ਦੇ ਏਜੰਟਾਂ ਤਸਲੀਆਂ ਵਾਲਿਆਂ ਦੁਕਾਨਾਂ ਦੇ ਮਾਲਕਾਂ ਵਲੋਂ ਉਕਤ ਤਿੰਨੇ ਅਖ਼ਬਾਰਾਂ ਦੇ ਬੋਰਡ ਲਾਹੁਣੇ ਸ਼ੁਰੂ ਕਰ ਦਿਤੇ ਹਨ। ਇਥੇ ਹੀ ਬਸ ਨਹੀਂ ਅਖ਼ਬਾਰ ਦੇ ਸਥਾਨਿਕ ਹਾਲ ਬਾਜ਼ਾਰ ਵਿਚ ਸਥਿਤ ਦਫ਼ਤਰ ਤੋਂ ਵੀ ਉਪਰੋਕਤ ਅਖ਼ਬਾਰਾਂ ਦੇ ਬੋਰਡ ਲਾਹੁਣੇ ਸ਼ੁਰੂ ਕਰ ਦਿਤੇ ਹਨ।

ਯਾਦ ਰਹੇ ਕਿ 22 ਮਈ ਨੂੰ ਜਗਬਾਣੀ, ਪੰਜਾਬ ਕੇਸਰੀ ਤੇ ਹਿੰਦ ਸਮਾਚਾਰ ਨੂੰ ਮੋਹਾਲੀ ਦੇ ਵੇਰੀਅਰ ਤੇ ਅੱਗ ਲਾ ਕੇ ਸਾੜਿਆ ਗਿਆ ਸੀ। ਇਸ ਤੋਂ ਬਾਅਦ ਇਹ ਸ਼ਹਿਰ ਦੇ ਨੌਜੁਆਨਾਂ ਨੇ ਏਜੰਟਾਂ ਤੇ ਹਾਕਰਾਂ ਨੂੰ ਉਪਰੋਕਤ ਅਖ਼ਬਾਰਾਂ ਵੇਚਣ ਵਿਰੁੱਧ ਮਾੜੇ ਨਤੀਜੇ ਭੁਗਤਣ ਦੀ ਧਮਕੀ ਵੀ ਦਿਤੀ ਸੀ।

ਸਥਾਨਕ ਪੁਲੀਸ ਅਧਿਕਾਰੀਆਂ ਨੇ ਦ-ਸਿਆ ਕਿ ਅੱਗ ਲਾਉਣ ਵਾਲੇ ਇਹ ਨੌਜੁ-ਆਨ ਮੌਕੇ ਤੇ ਇਕ ਚਿੱਠੀ ਛੱਡ ਗਏ ਸਨ ਜਿਸ ਵਿਚ ਹਾਕਰਾਂ ਤੇ ਏਜੰਟਾਂ ਨੂੰ 22 ਮਈ ਤਕ ਉਪਰੋਕਤ ਅਖ਼ਬਾਰਾਂ ਵੇਚਣੀਆਂ ਬੰਦ ਕਰਨ ਲਈ ਕਿਹਾ ਗਿਆ ਸੀ। ਸੂਤਰਾਂ ਅਨੁਸਾਰ ਇਹ ਚਿੱਠੀ ਖ਼ਾਲਿਸਤਾਨ ਕਮਾਂਡੋ ਫੋਰਸ, ਬੱਬਰ ਖ਼ਾਲਸਾ ਤੇ ਖ਼ਾਲਿਸਤਾਨ ਲਿਬ-ਰੇਸ਼ਨ ਜਥੇਬੰਦੀਆਂ ਵਲੋਂ ਸਾਂਝੇ ਤੌਰ ਤੇ ਜਾਰੀ ਕੀਤੀ ਗਈ ਸੀ।

BEWARE
OF
ANTI
SIKH
RUMORS
